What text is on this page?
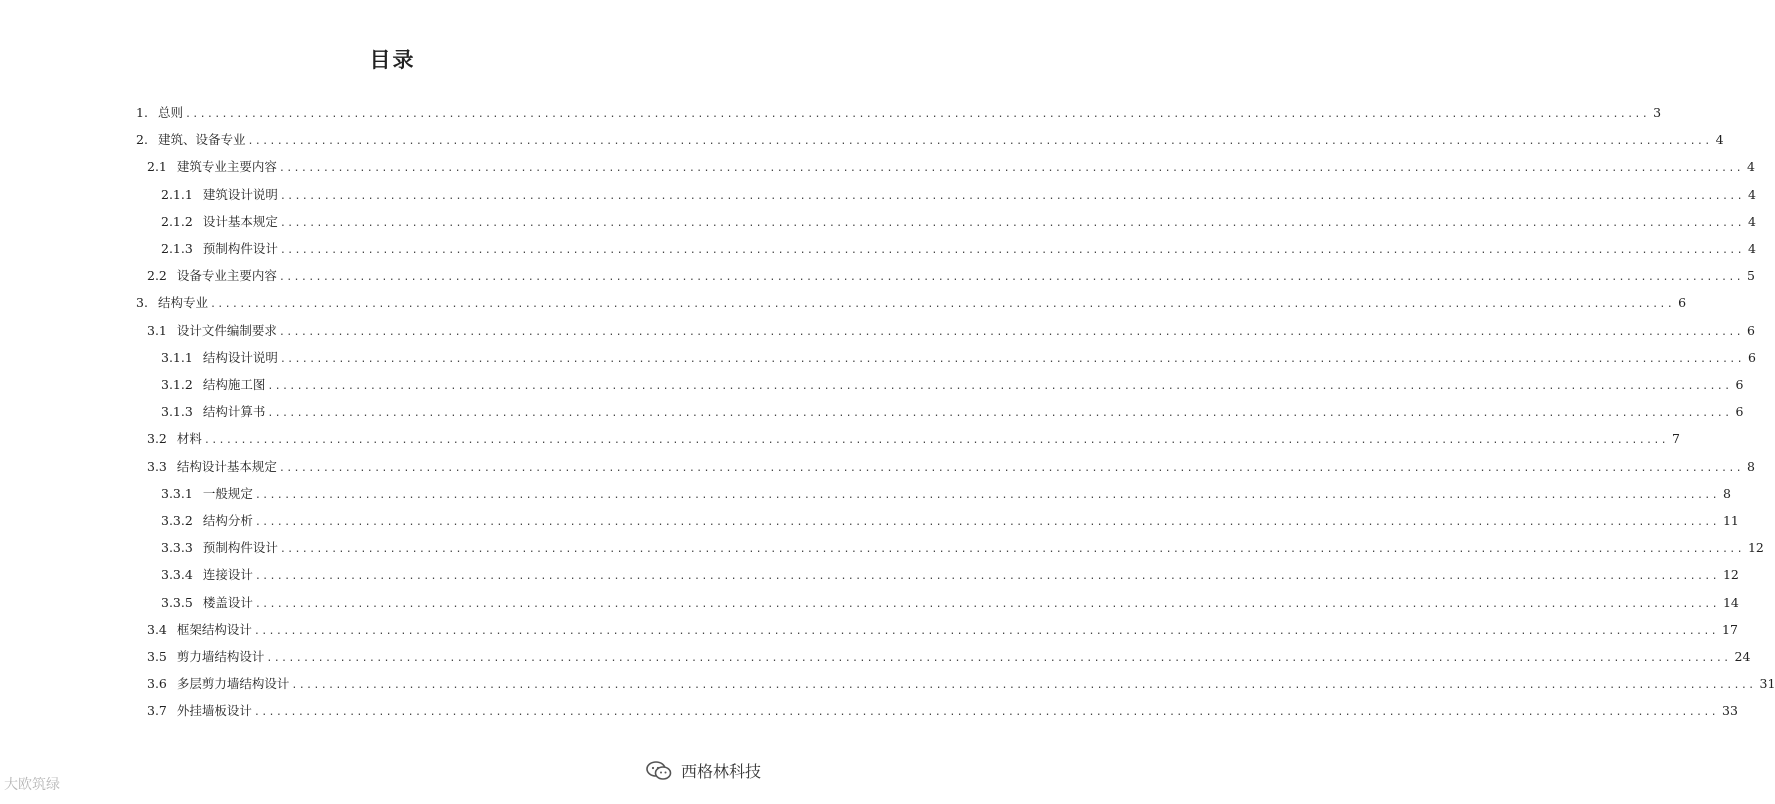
目录
1. 总则 ........................................................................................................................................................................................................ 3
2. 建筑、设备专业 ........................................................................................................................................................................................................ 4
2.1 建筑专业主要内容 ........................................................................................................................................................................................................ 4
2.1.1 建筑设计说明 ........................................................................................................................................................................................................ 4
2.1.2 设计基本规定 ........................................................................................................................................................................................................ 4
2.1.3 预制构件设计 ........................................................................................................................................................................................................ 4
2.2 设备专业主要内容 ........................................................................................................................................................................................................ 5
3. 结构专业 ........................................................................................................................................................................................................ 6
3.1 设计文件编制要求 ........................................................................................................................................................................................................ 6
3.1.1 结构设计说明 ........................................................................................................................................................................................................ 6
3.1.2 结构施工图 ........................................................................................................................................................................................................ 6
3.1.3 结构计算书 ........................................................................................................................................................................................................ 6
3.2 材料 ........................................................................................................................................................................................................ 7
3.3 结构设计基本规定 ........................................................................................................................................................................................................ 8
3.3.1 一般规定 ........................................................................................................................................................................................................ 8
3.3.2 结构分析 ........................................................................................................................................................................................................ 11
3.3.3 预制构件设计 ........................................................................................................................................................................................................ 12
3.3.4 连接设计 ........................................................................................................................................................................................................ 12
3.3.5 楼盖设计 ........................................................................................................................................................................................................ 14
3.4 框架结构设计 ........................................................................................................................................................................................................ 17
3.5 剪力墙结构设计 ........................................................................................................................................................................................................ 24
3.6 多层剪力墙结构设计 ........................................................................................................................................................................................................ 31
3.7 外挂墙板设计 ........................................................................................................................................................................................................ 33
大欧筑绿
西格林科技
